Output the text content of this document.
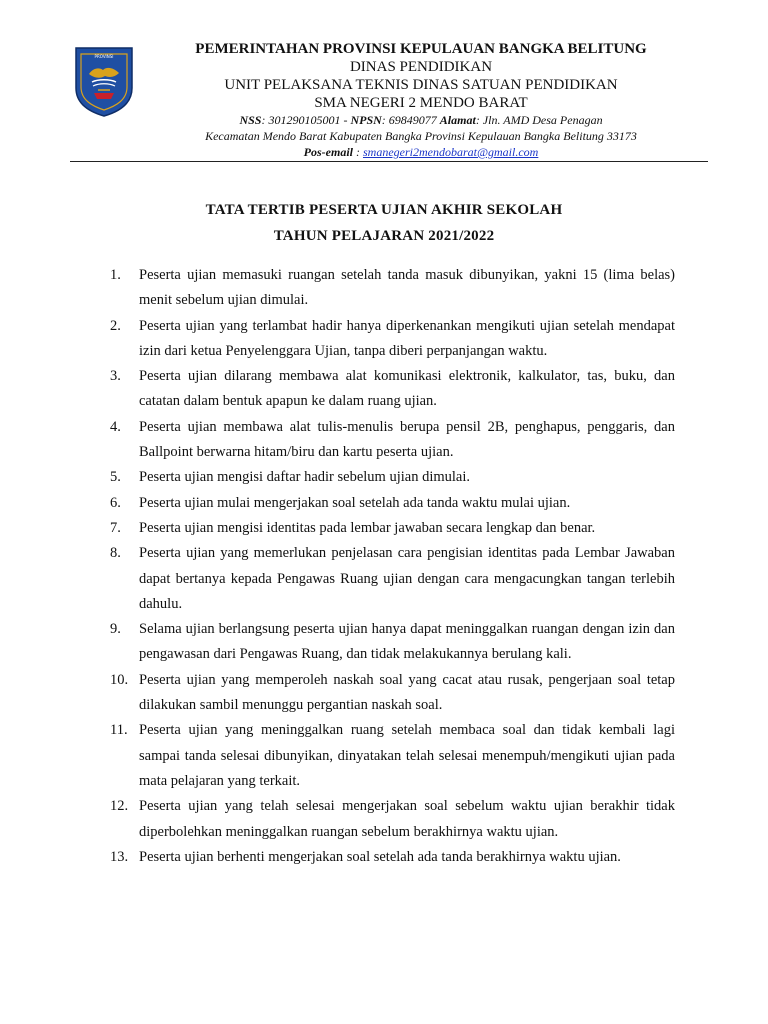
PROVINSI	PEMERINTAHAN PROVINSI KEPULAUAN BANGKA BELITUNG
DINAS PENDIDIKAN
UNIT PELAKSANA TEKNIS DINAS SATUAN PENDIDIKAN
SMA NEGERI 2 MENDO BARAT
NSS: 301290105001 - NPSN: 69849077 Alamat: Jln. AMD Desa Penagan
Kecamatan Mendo Barat Kabupaten Bangka Provinsi Kepulauan Bangka Belitung 33173
Pos-email : smanegeri2mendobarat@gmail.com
TATA TERTIB PESERTA UJIAN AKHIR SEKOLAH
TAHUN PELAJARAN 2021/2022
1.	Peserta ujian memasuki ruangan setelah tanda masuk dibunyikan, yakni 15 (lima belas) menit sebelum ujian dimulai.
2.	Peserta ujian yang terlambat hadir hanya diperkenankan mengikuti ujian setelah mendapat izin dari ketua Penyelenggara Ujian, tanpa diberi perpanjangan waktu.
3.	Peserta ujian dilarang membawa alat komunikasi elektronik, kalkulator, tas, buku, dan catatan dalam bentuk apapun ke dalam ruang ujian.
4.	Peserta ujian membawa alat tulis-menulis berupa pensil 2B, penghapus, penggaris, dan Ballpoint berwarna hitam/biru dan kartu peserta ujian.
5.	Peserta ujian mengisi daftar hadir sebelum ujian dimulai.
6.	Peserta ujian mulai mengerjakan soal setelah ada tanda waktu mulai ujian.
7.	Peserta ujian mengisi identitas pada lembar jawaban secara lengkap dan benar.
8.	Peserta ujian yang memerlukan penjelasan cara pengisian identitas pada Lembar Jawaban dapat bertanya kepada Pengawas Ruang ujian dengan cara mengacungkan tangan terlebih dahulu.
9.	Selama ujian berlangsung peserta ujian hanya dapat meninggalkan ruangan dengan izin dan pengawasan dari Pengawas Ruang, dan tidak melakukannya berulang kali.
10. Peserta ujian yang memperoleh naskah soal yang cacat atau rusak, pengerjaan soal tetap dilakukan sambil menunggu pergantian naskah soal.
11. Peserta ujian yang meninggalkan ruang setelah membaca soal dan tidak kembali lagi sampai tanda selesai dibunyikan, dinyatakan telah selesai menempuh/mengikuti ujian pada mata pelajaran yang terkait.
12. Peserta ujian yang telah selesai mengerjakan soal sebelum waktu ujian berakhir tidak diperbolehkan meninggalkan ruangan sebelum berakhirnya waktu ujian.
13. Peserta ujian berhenti mengerjakan soal setelah ada tanda berakhirnya waktu ujian.
